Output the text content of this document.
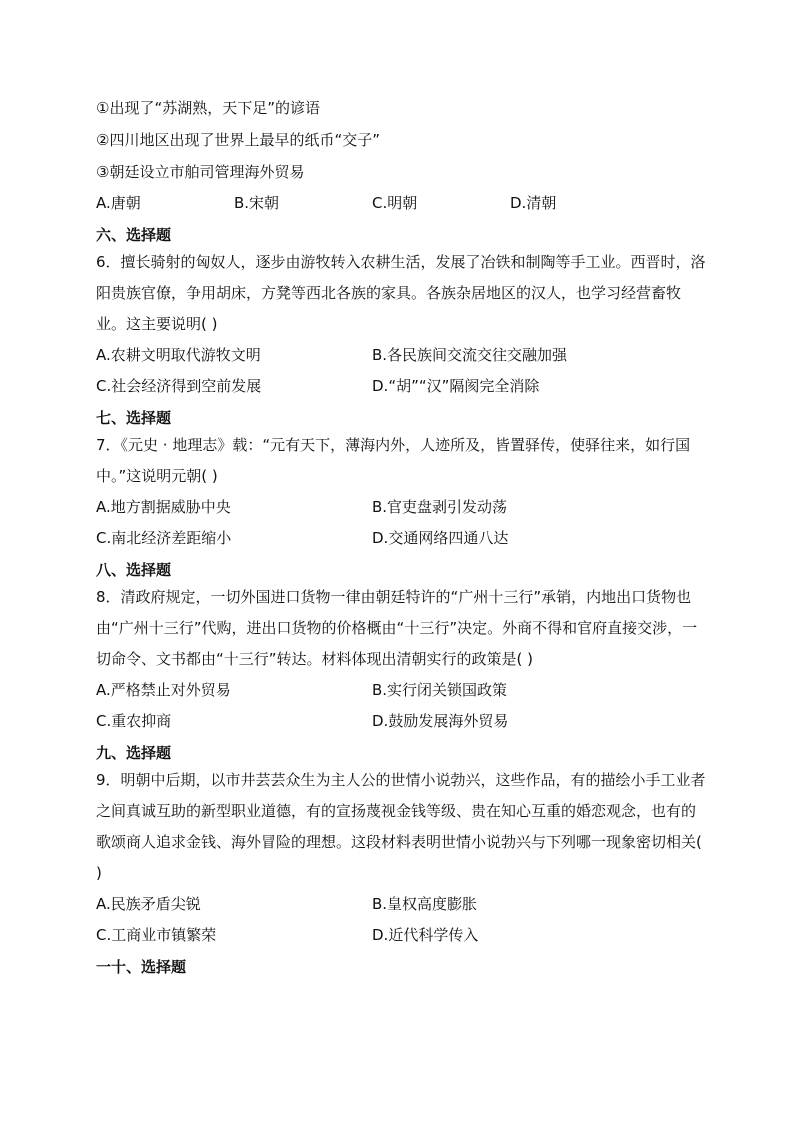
①出现了“苏湖熟，天下足”的谚语
②四川地区出现了世界上最早的纸币“交子”
③朝廷设立市舶司管理海外贸易
A.唐朝	B.宋朝	C.明朝	D.清朝
六、选择题
6．擅长骑射的匈奴人，逐步由游牧转入农耕生活，发展了冶铁和制陶等手工业。西晋时，洛阳贵族官僚，争用胡床，方凳等西北各族的家具。各族杂居地区的汉人，也学习经营畜牧业。这主要说明( )
A.农耕文明取代游牧文明	B.各民族间交流交往交融加强
C.社会经济得到空前发展	D.“胡”“汉”隔阂完全消除
七、选择题
7．《元史 · 地理志》载：“元有天下，薄海内外，人迹所及，皆置驿传，使驿往来，如行国中。”这说明元朝( )
A.地方割据威胁中央	B.官吏盘剥引发动荡
C.南北经济差距缩小	D.交通网络四通八达
八、选择题
8．清政府规定，一切外国进口货物一律由朝廷特许的“广州十三行”承销，内地出口货物也由“广州十三行”代购，进出口货物的价格概由“十三行”决定。外商不得和官府直接交涉，一切命令、文书都由“十三行”转达。材料体现出清朝实行的政策是( )
A.严格禁止对外贸易	B.实行闭关锁国政策
C.重农抑商	D.鼓励发展海外贸易
九、选择题
9．明朝中后期，以市井芸芸众生为主人公的世情小说勃兴，这些作品，有的描绘小手工业者之间真诚互助的新型职业道德，有的宣扬蔑视金钱等级、贵在知心互重的婚恋观念，也有的歌颂商人追求金钱、海外冒险的理想。这段材料表明世情小说勃兴与下列哪一现象密切相关( )
A.民族矛盾尖锐	B.皇权高度膨胀
C.工商业市镇繁荣	D.近代科学传入
一十、选择题
